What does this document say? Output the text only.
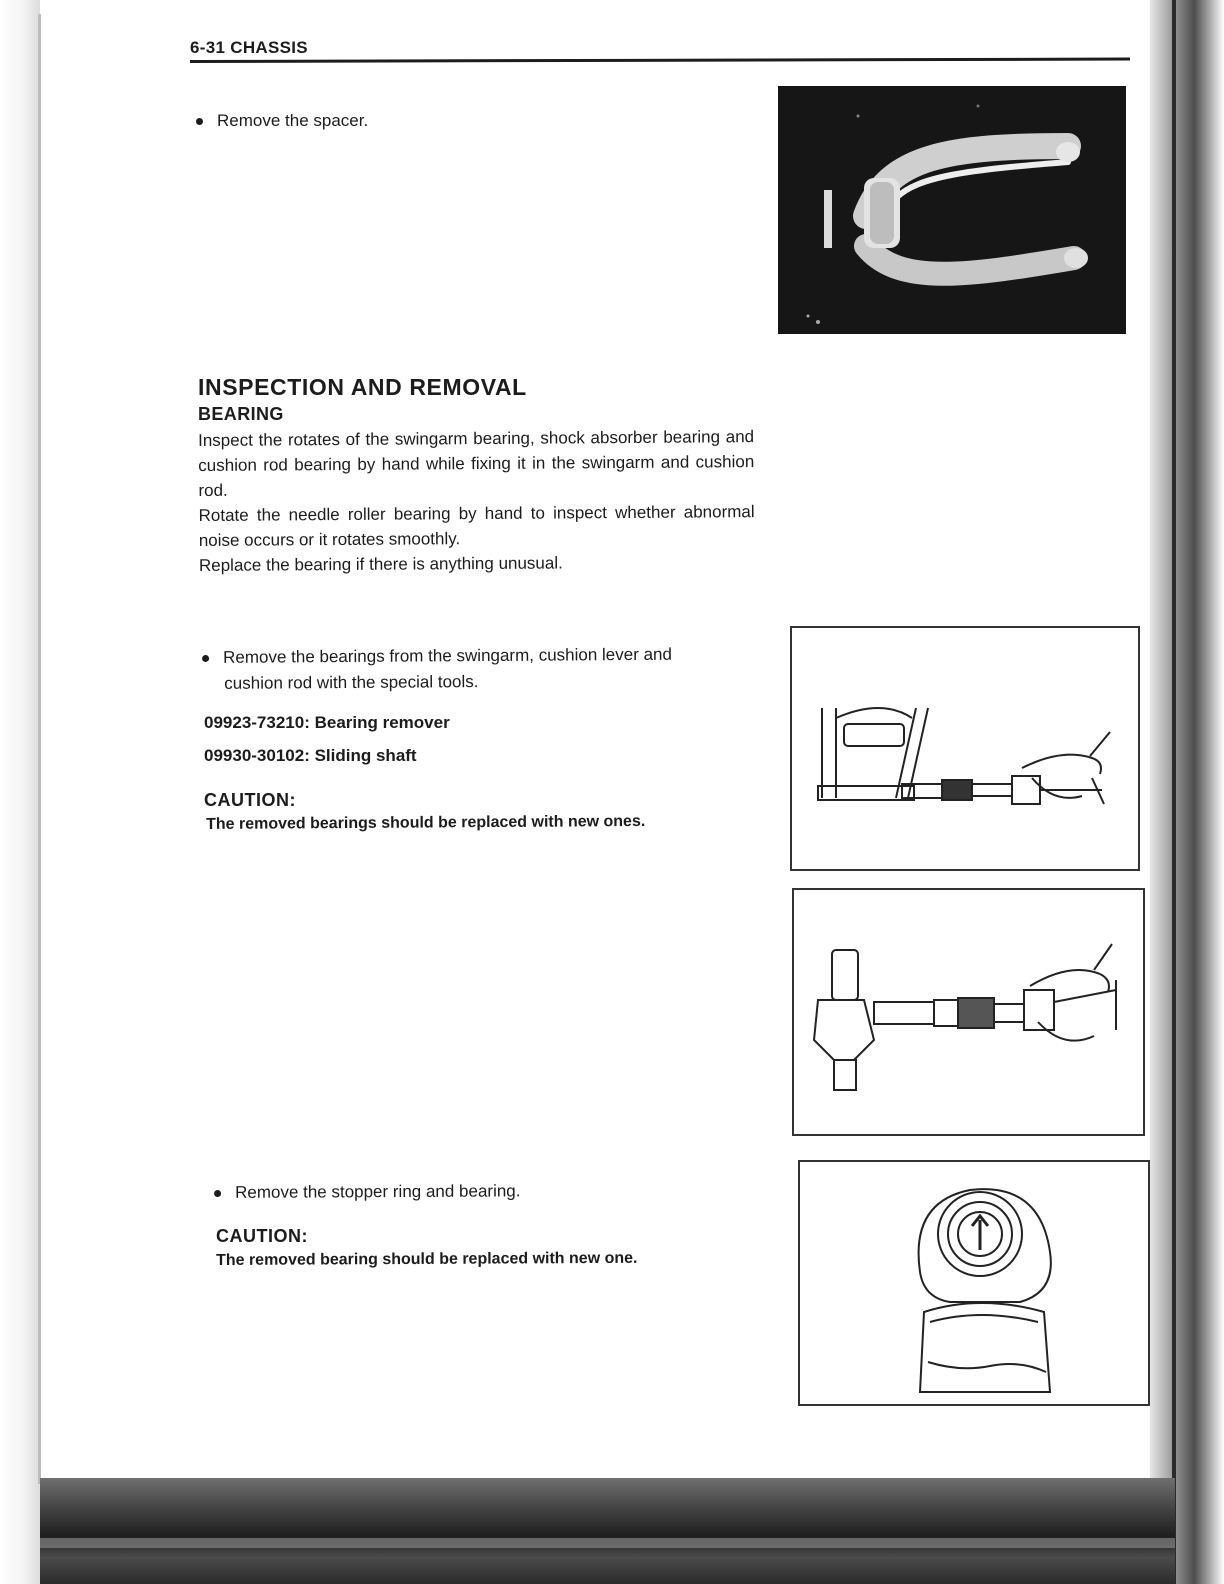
6-31 CHASSIS
Remove the spacer.
INSPECTION AND REMOVAL
BEARING
Inspect the rotates of the swingarm bearing, shock absorber bearing and cushion rod bearing by hand while fixing it in the swingarm and cushion rod.
Rotate the needle roller bearing by hand to inspect whether abnormal noise occurs or it rotates smoothly.
Replace the bearing if there is anything unusual.
Remove the bearings from the swingarm, cushion lever and
cushion rod with the special tools.
09923-73210: Bearing remover
09930-30102: Sliding shaft
CAUTION:
The removed bearings should be replaced with new ones.
Remove the stopper ring and bearing.
CAUTION:
The removed bearing should be replaced with new one.
